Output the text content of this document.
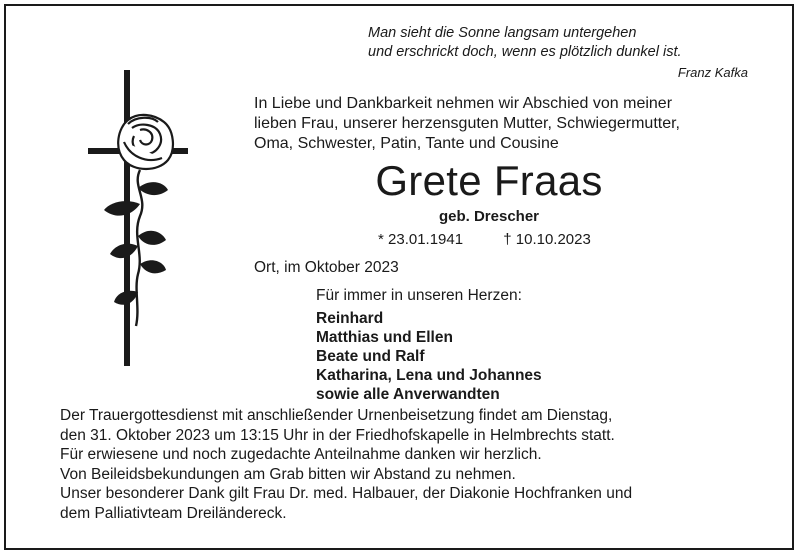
Man sieht die Sonne langsam untergehen
und erschrickt doch, wenn es plötzlich dunkel ist.
Franz Kafka
In Liebe und Dankbarkeit nehmen wir Abschied von meiner
lieben Frau, unserer herzensguten Mutter, Schwiegermutter,
Oma, Schwester, Patin, Tante und Cousine
Grete Fraas
geb. Drescher
* 23.01.1941	† 10.10.2023
Ort, im Oktober 2023
Für immer in unseren Herzen:
Reinhard
Matthias und Ellen
Beate und Ralf
Katharina, Lena und Johannes
sowie alle Anverwandten
Der Trauergottesdienst mit anschließender Urnenbeisetzung findet am Dienstag,
den 31. Oktober 2023 um 13:15 Uhr in der Friedhofskapelle in Helmbrechts statt.
Für erwiesene und noch zugedachte Anteilnahme danken wir herzlich.
Von Beileidsbekundungen am Grab bitten wir Abstand zu nehmen.
Unser besonderer Dank gilt Frau Dr. med. Halbauer, der Diakonie Hochfranken und
dem Palliativteam Dreiländereck.
